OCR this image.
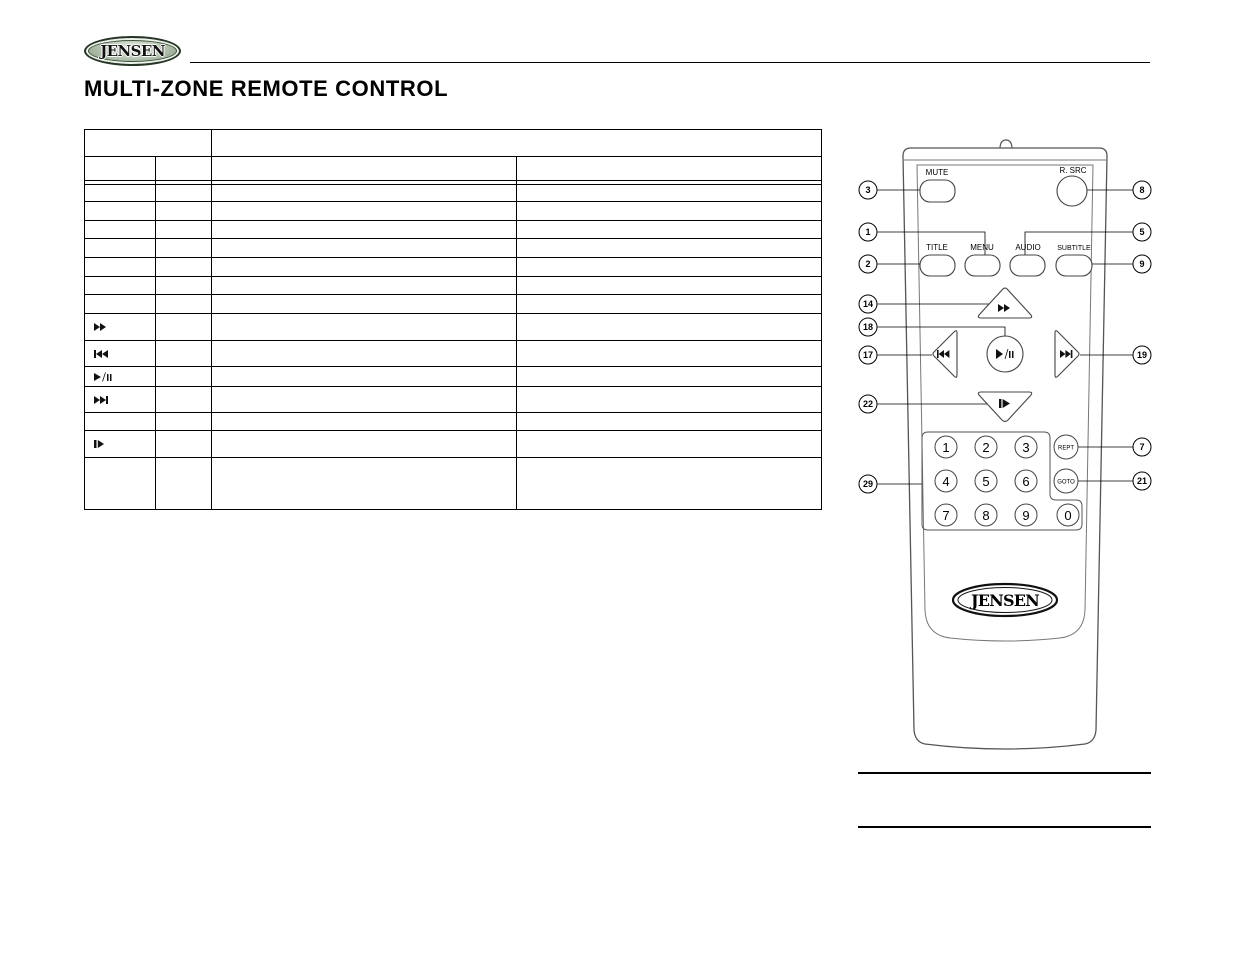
JENSEN
MULTI-ZONE REMOTE CONTROL

MUTE	R. SRC
TITLE	MENU	AUDIO SUBTITLE
1	2	3
4	5	6
7	8	9	0
REPT
GOTO
JENSEN
3
1	5
2	9
8
14
18
17	19
22
7
21
29
